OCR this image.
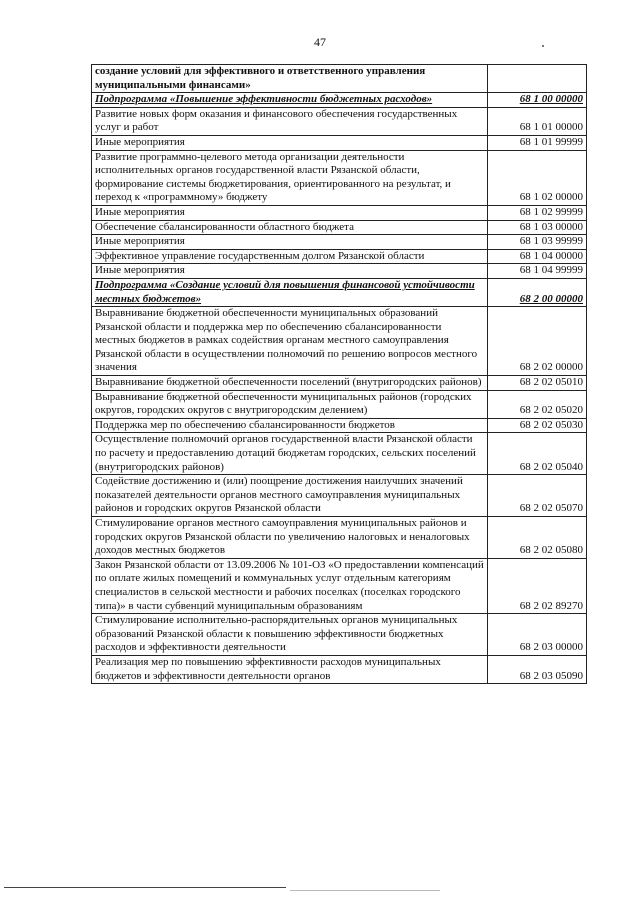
47
создание условий для эффективного и ответственного управления муниципальными финансами»	
Подпрограмма «Повышение эффективности бюджетных расходов»	68 1 00 00000
Развитие новых форм оказания и финансового обеспечения государственных услуг и работ	68 1 01 00000
Иные мероприятия	68 1 01 99999
Развитие программно-целевого метода организации деятельности исполнительных органов государственной власти Рязанской области, формирование системы бюджетирования, ориентированного на результат, и переход к «программному» бюджету	68 1 02 00000
Иные мероприятия	68 1 02 99999
Обеспечение сбалансированности областного бюджета	68 1 03 00000
Иные мероприятия	68 1 03 99999
Эффективное управление государственным долгом Рязанской области	68 1 04 00000
Иные мероприятия	68 1 04 99999
Подпрограмма «Создание условий для повышения финансовой устойчивости местных бюджетов»	68 2 00 00000
Выравнивание бюджетной обеспеченности муниципальных образований Рязанской области и поддержка мер по обеспечению сбалансированности местных бюджетов в рамках содействия органам местного самоуправления Рязанской области в осуществлении полномочий по решению вопросов местного значения	68 2 02 00000
Выравнивание бюджетной обеспеченности поселений (внутригородских районов)	68 2 02 05010
Выравнивание бюджетной обеспеченности муниципальных районов (городских округов, городских округов с внутригородским делением)	68 2 02 05020
Поддержка мер по обеспечению сбалансированности бюджетов	68 2 02 05030
Осуществление полномочий органов государственной власти Рязанской области по расчету и предоставлению дотаций бюджетам городских, сельских поселений (внутригородских районов)	68 2 02 05040
Содействие достижению и (или) поощрение достижения наилучших значений показателей деятельности органов местного самоуправления муниципальных районов и городских округов Рязанской области	68 2 02 05070
Стимулирование органов местного самоуправления муниципальных районов и городских округов Рязанской области по увеличению налоговых и неналоговых доходов местных бюджетов	68 2 02 05080
Закон Рязанской области от 13.09.2006 № 101-ОЗ «О предоставлении компенсаций по оплате жилых помещений и коммунальных услуг отдельным категориям специалистов в сельской местности и рабочих поселках (поселках городского типа)» в части субвенций муниципальным образованиям	68 2 02 89270
Стимулирование исполнительно-распорядительных органов муниципальных образований Рязанской области к повышению эффективности бюджетных расходов и эффективности деятельности	68 2 03 00000
Реализация мер по повышению эффективности расходов муниципальных бюджетов и эффективности деятельности органов	68 2 03 05090
